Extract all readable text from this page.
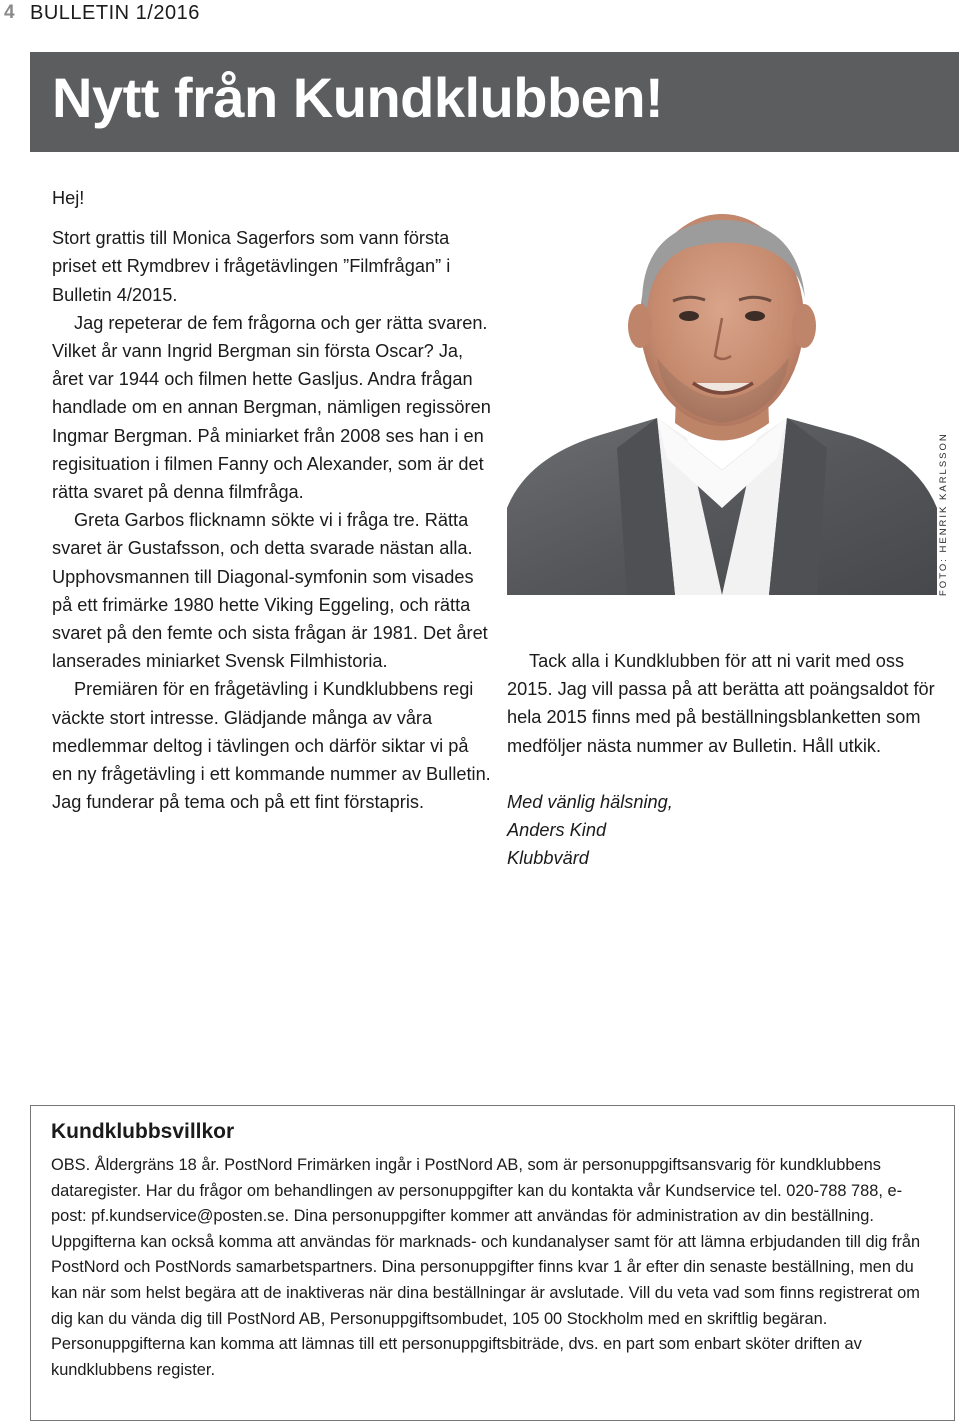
4 BULLETIN 1/2016
Nytt från Kundklubben!

Hej!

Stort grattis till Monica Sagerfors som vann första priset ett Rymdbrev i frågetävlingen ”Filmfrågan” i Bulletin 4/2015.

Jag repeterar de fem frågorna och ger rätta svaren. Vilket år vann Ingrid Bergman sin första Oscar? Ja, året var 1944 och filmen hette Gasljus. Andra frågan handlade om en annan Bergman, nämligen regissören Ingmar Bergman. På miniarket från 2008 ses han i en regisituation i filmen Fanny och Alexander, som är det rätta svaret på denna filmfråga.

Greta Garbos flicknamn sökte vi i fråga tre. Rätta svaret är Gustafsson, och detta svarade nästan alla. Upphovsmannen till Diagonal-symfonin som visades på ett frimärke 1980 hette Viking Eggeling, och rätta svaret på den femte och sista frågan är 1981. Det året lanserades miniarket Svensk Filmhistoria.

Premiären för en frågetävling i Kundklubbens regi väckte stort intresse. Glädjande många av våra medlemmar deltog i tävlingen och därför siktar vi på en ny frågetävling i ett kommande nummer av Bulletin. Jag funderar på tema och på ett fint förstapris.

FOTO: HENRIK KARLSSON

Tack alla i Kundklubben för att ni varit med oss 2015. Jag vill passa på att berätta att poängsaldot för hela 2015 finns med på beställningsblanketten som medföljer nästa nummer av Bulletin. Håll utkik.

Med vänlig hälsning,
Anders Kind
Klubbvärd

Kundklubbsvillkor

OBS. Åldergräns 18 år. PostNord Frimärken ingår i PostNord AB, som är personuppgiftsansvarig för kundklubbens dataregister. Har du frågor om behandlingen av personuppgifter kan du kontakta vår Kundservice tel. 020-788 788, e-post: pf.kundservice@posten.se. Dina personuppgifter kommer att användas för administration av din beställning. Uppgifterna kan också komma att användas för marknads- och kundanalyser samt för att lämna erbjudanden till dig från PostNord och PostNords samarbetspartners. Dina personuppgifter finns kvar 1 år efter din senaste beställning, men du kan när som helst begära att de inaktiveras när dina beställningar är avslutade. Vill du veta vad som finns registrerat om dig kan du vända dig till PostNord AB, Personuppgiftsombudet, 105 00 Stockholm med en skriftlig begäran. Personuppgifterna kan komma att lämnas till ett personuppgiftsbiträde, dvs. en part som enbart sköter driften av kundklubbens register.
